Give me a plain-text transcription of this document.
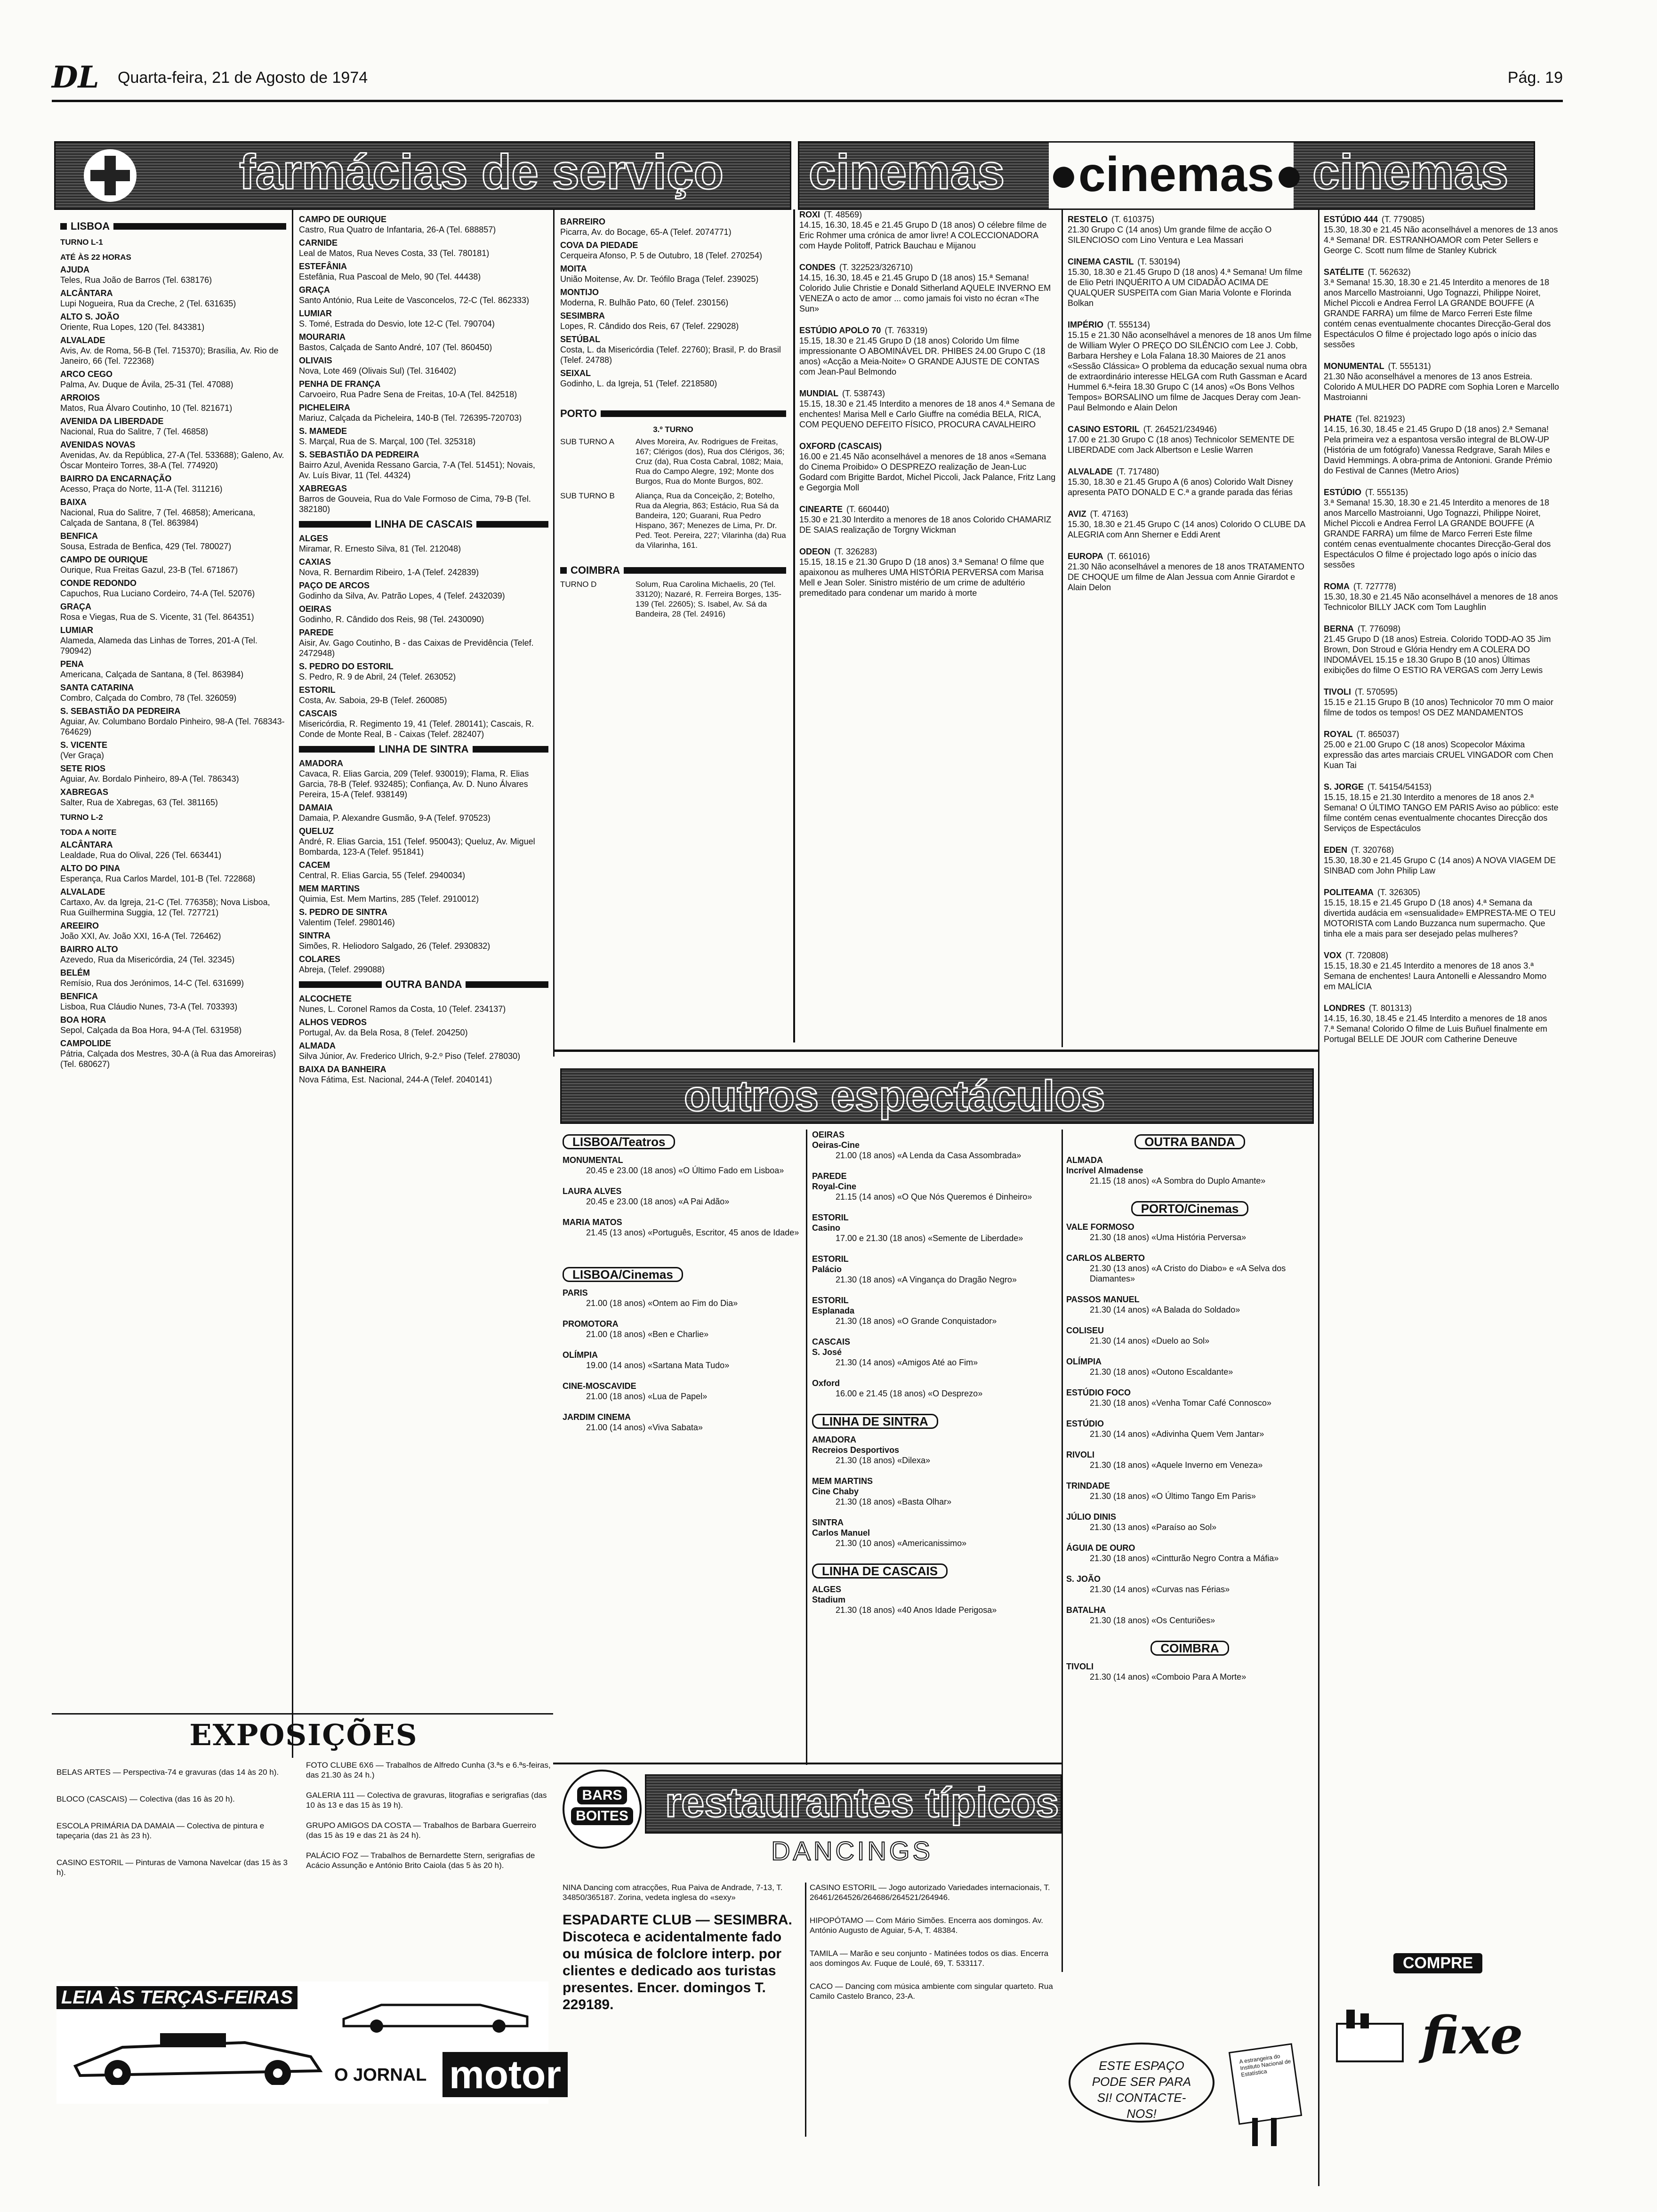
DL Quarta-feira, 21 de Agosto de 1974	Pág. 19
farmácias de serviço cinemas ●cinemas● cinemas
LISBOA
TURNO L-1
ATÉ ÀS 22 HORAS
AJUDA
Teles, Rua João de Barros (Tel. 638176)
ALCÂNTARA
Lupi Nogueira, Rua da Creche, 2 (Tel. 631635)
ALTO S. JOÃO
Oriente, Rua Lopes, 120 (Tel. 843381)
ALVALADE
Avis, Av. de Roma, 56-B (Tel. 715370); Brasília, Av. Rio de Janeiro, 66 (Tel. 722368)
ARCO CEGO
Palma, Av. Duque de Ávila, 25-31 (Tel. 47088)
ARROIOS
Matos, Rua Álvaro Coutinho, 10 (Tel. 821671)
AVENIDA DA LIBERDADE
Nacional, Rua do Salitre, 7 (Tel. 46858)
AVENIDAS NOVAS
Avenidas, Av. da República, 27-A (Tel. 533688); Galeno, Av. Óscar Monteiro Torres, 38-A (Tel. 774920)
BAIRRO DA ENCARNAÇÃO
Acesso, Praça do Norte, 11-A (Tel. 311216)
BAIXA
Nacional, Rua do Salitre, 7 (Tel. 46858); Americana, Calçada de Santana, 8 (Tel. 863984)
BENFICA
Sousa, Estrada de Benfica, 429 (Tel. 780027)
CAMPO DE OURIQUE
Ourique, Rua Freitas Gazul, 23-B (Tel. 671867)
CONDE REDONDO
Capuchos, Rua Luciano Cordeiro, 74-A (Tel. 52076)
GRAÇA
Rosa e Viegas, Rua de S. Vicente, 31 (Tel. 864351)
LUMIAR
Alameda, Alameda das Linhas de Torres, 201-A (Tel. 790942)
PENA
Americana, Calçada de Santana, 8 (Tel. 863984)
SANTA CATARINA
Combro, Calçada do Combro, 78 (Tel. 326059)
S. SEBASTIÃO DA PEDREIRA
Aguiar, Av. Columbano Bordalo Pinheiro, 98-A (Tel. 768343-764629)
S. VICENTE
(Ver Graça)
SETE RIOS
Aguiar, Av. Bordalo Pinheiro, 89-A (Tel. 786343)
XABREGAS
Salter, Rua de Xabregas, 63 (Tel. 381165)
TURNO L-2
TODA A NOITE
ALCÂNTARA
Lealdade, Rua do Olival, 226 (Tel. 663441)
ALTO DO PINA
Esperança, Rua Carlos Mardel, 101-B (Tel. 722868)
ALVALADE
Cartaxo, Av. da Igreja, 21-C (Tel. 776358); Nova Lisboa, Rua Guilhermina Suggia, 12 (Tel. 727721)
AREEIRO
João XXI, Av. João XXI, 16-A (Tel. 726462)
BAIRRO ALTO
Azevedo, Rua da Misericórdia, 24 (Tel. 32345)
BELÉM
Remísio, Rua dos Jerónimos, 14-C (Tel. 631699)
BENFICA
Lisboa, Rua Cláudio Nunes, 73-A (Tel. 703393)
BOA HORA
Sepol, Calçada da Boa Hora, 94-A (Tel. 631958)
CAMPOLIDE
Pátria, Calçada dos Mestres, 30-A (à Rua das Amoreiras) (Tel. 680627)
CAMPO DE OURIQUE
Castro, Rua Quatro de Infantaria, 26-A (Tel. 688857)
CARNIDE
Leal de Matos, Rua Neves Costa, 33 (Tel. 780181)
ESTEFÂNIA
Estefânia, Rua Pascoal de Melo, 90 (Tel. 44438)
GRAÇA
Santo António, Rua Leite de Vasconcelos, 72-C (Tel. 862333)
LUMIAR
S. Tomé, Estrada do Desvio, lote 12-C (Tel. 790704)
MOURARIA
Bastos, Calçada de Santo André, 107 (Tel. 860450)
OLIVAIS
Nova, Lote 469 (Olivais Sul) (Tel. 316402)
PENHA DE FRANÇA
Carvoeiro, Rua Padre Sena de Freitas, 10-A (Tel. 842518)
PICHELEIRA
Mariuz, Calçada da Picheleira, 140-B (Tel. 726395-720703)
S. MAMEDE
S. Marçal, Rua de S. Marçal, 100 (Tel. 325318)
S. SEBASTIÃO DA PEDREIRA
Bairro Azul, Avenida Ressano Garcia, 7-A (Tel. 51451); Novais, Av. Luís Bivar, 11 (Tel. 44324)
XABREGAS
Barros de Gouveia, Rua do Vale Formoso de Cima, 79-B (Tel. 382180)
LINHA DE CASCAIS
ALGES
Miramar, R. Ernesto Silva, 81 (Tel. 212048)
CAXIAS
Nova, R. Bernardim Ribeiro, 1-A (Telef. 242839)
PAÇO DE ARCOS
Godinho da Silva, Av. Patrão Lopes, 4 (Telef. 2432039)
OEIRAS
Godinho, R. Cândido dos Reis, 98 (Tel. 2430090)
PAREDE
Aisir, Av. Gago Coutinho, B - das Caixas de Previdência (Telef. 2472948)
S. PEDRO DO ESTORIL
S. Pedro, R. 9 de Abril, 24 (Telef. 263052)
ESTORIL
Costa, Av. Saboia, 29-B (Telef. 260085)
CASCAIS
Misericórdia, R. Regimento 19, 41 (Telef. 280141); Cascais, R. Conde de Monte Real, B - Caixas (Telef. 282407)
LINHA DE SINTRA
AMADORA
Cavaca, R. Elias Garcia, 209 (Telef. 930019); Flama, R. Elias Garcia, 78-B (Telef. 932485); Confiança, Av. D. Nuno Álvares Pereira, 15-A (Telef. 938149)
DAMAIA
Damaia, P. Alexandre Gusmão, 9-A (Telef. 970523)
QUELUZ
André, R. Elias Garcia, 151 (Telef. 950043); Queluz, Av. Miguel Bombarda, 123-A (Telef. 951841)
CACEM
Central, R. Elias Garcia, 55 (Telef. 2940034)
MEM MARTINS
Quimia, Est. Mem Martins, 285 (Telef. 2910012)
S. PEDRO DE SINTRA
Valentim (Telef. 2980146)
SINTRA
Simões, R. Heliodoro Salgado, 26 (Telef. 2930832)
COLARES
Abreja, (Telef. 299088)
OUTRA BANDA
ALCOCHETE
Nunes, L. Coronel Ramos da Costa, 10 (Telef. 234137)
ALHOS VEDROS
Portugal, Av. da Bela Rosa, 8 (Telef. 204250)
ALMADA
Silva Júnior, Av. Frederico Ulrich, 9-2.º Piso (Telef. 278030)
BAIXA DA BANHEIRA
Nova Fátima, Est. Nacional, 244-A (Telef. 2040141)
BARREIRO
Picarra, Av. do Bocage, 65-A (Telef. 2074771)
COVA DA PIEDADE
Cerqueira Afonso, P. 5 de Outubro, 18 (Telef. 270254)
MOITA
União Moitense, Av. Dr. Teófilo Braga (Telef. 239025)
MONTIJO
Moderna, R. Bulhão Pato, 60 (Telef. 230156)
SESIMBRA
Lopes, R. Cândido dos Reis, 67 (Telef. 229028)
SETÚBAL
Costa, L. da Misericórdia (Telef. 22760); Brasil, P. do Brasil (Telef. 24788)
SEIXAL
Godinho, L. da Igreja, 51 (Telef. 2218580)
PORTO
3.º TURNO
SUB TURNO A	Alves Moreira, Av. Rodrigues de Freitas, 167; Clérigos (dos), Rua dos Clérigos, 36; Cruz (da), Rua Costa Cabral, 1082; Maia, Rua do Campo Alegre, 192; Monte dos Burgos, Rua do Monte Burgos, 802.
SUB TURNO B	Aliança, Rua da Conceição, 2; Botelho, Rua da Alegria, 863; Estácio, Rua Sá da Bandeira, 120; Guarani, Rua Pedro Hispano, 367; Menezes de Lima, Pr. Dr. Ped. Teot. Pereira, 227; Vilarinha (da) Rua da Vilarinha, 161.
COIMBRA
TURNO D	Solum, Rua Carolina Michaelis, 20 (Tel. 33120); Nazaré, R. Ferreira Borges, 135-139 (Tel. 22605); S. Isabel, Av. Sá da Bandeira, 28 (Tel. 24916)
ROXI (T. 48569)
14.15, 16.30, 18.45 e 21.45 Grupo D (18 anos) O célebre filme de Eric Rohmer uma crónica de amor livre! A COLECCIONADORA com Hayde Politoff, Patrick Bauchau e Mijanou
CONDES (T. 322523/326710)
14.15, 16.30, 18.45 e 21.45 Grupo D (18 anos) 15.ª Semana! Colorido Julie Christie e Donald Sitherland AQUELE INVERNO EM VENEZA o acto de amor ... como jamais foi visto no écran «The Sun»
ESTÚDIO APOLO 70 (T. 763319)
15.15, 18.30 e 21.45 Grupo D (18 anos) Colorido Um filme impressionante O ABOMINÁVEL DR. PHIBES 24.00 Grupo C (18 anos) «Acção a Meia-Noite» O GRANDE AJUSTE DE CONTAS com Jean-Paul Belmondo
MUNDIAL (T. 538743)
15.15, 18.30 e 21.45 Interdito a menores de 18 anos 4.ª Semana de enchentes! Marisa Mell e Carlo Giuffre na comédia BELA, RICA, COM PEQUENO DEFEITO FÍSICO, PROCURA CAVALHEIRO
OXFORD (CASCAIS)
16.00 e 21.45 Não aconselhável a menores de 18 anos «Semana do Cinema Proibido» O DESPREZO realização de Jean-Luc Godard com Brigitte Bardot, Michel Piccoli, Jack Palance, Fritz Lang e Gegorgia Moll
CINEARTE (T. 660440)
15.30 e 21.30 Interdito a menores de 18 anos Colorido CHAMARIZ DE SAIAS realização de Torgny Wickman
ODEON (T. 326283)
15.15, 18.15 e 21.30 Grupo D (18 anos) 3.ª Semana! O filme que apaixonou as mulheres UMA HISTÓRIA PERVERSA com Marisa Mell e Jean Soler. Sinistro mistério de um crime de adultério premeditado para condenar um marido à morte
RESTELO (T. 610375)
21.30 Grupo C (14 anos) Um grande filme de acção O SILENCIOSO com Lino Ventura e Lea Massari
CINEMA CASTIL (T. 530194)
15.30, 18.30 e 21.45 Grupo D (18 anos) 4.ª Semana! Um filme de Elio Petri INQUÉRITO A UM CIDADÃO ACIMA DE QUALQUER SUSPEITA com Gian Maria Volonte e Florinda Bolkan
IMPÉRIO (T. 555134)
15.15 e 21.30 Não aconselhável a menores de 18 anos Um filme de William Wyler O PREÇO DO SILÊNCIO com Lee J. Cobb, Barbara Hershey e Lola Falana 18.30 Maiores de 21 anos «Sessão Clássica» O problema da educação sexual numa obra de extraordinário interesse HELGA com Ruth Gassman e Acard Hummel 6.ª-feira 18.30 Grupo C (14 anos) «Os Bons Velhos Tempos» BORSALINO um filme de Jacques Deray com Jean-Paul Belmondo e Alain Delon
CASINO ESTORIL (T. 264521/234946)
17.00 e 21.30 Grupo C (18 anos) Technicolor SEMENTE DE LIBERDADE com Jack Albertson e Leslie Warren
ALVALADE (T. 717480)
15.30, 18.30 e 21.45 Grupo A (6 anos) Colorido Walt Disney apresenta PATO DONALD E C.ª a grande parada das férias
AVIZ (T. 47163)
15.30, 18.30 e 21.45 Grupo C (14 anos) Colorido O CLUBE DA ALEGRIA com Ann Sherner e Eddi Arent
EUROPA (T. 661016)
21.30 Não aconselhável a menores de 18 anos TRATAMENTO DE CHOQUE um filme de Alan Jessua com Annie Girardot e Alain Delon
ESTÚDIO 444 (T. 779085)
15.30, 18.30 e 21.45 Não aconselhável a menores de 13 anos 4.ª Semana! DR. ESTRANHOAMOR com Peter Sellers e George C. Scott num filme de Stanley Kubrick
SATÉLITE (T. 562632)
3.ª Semana! 15.30, 18.30 e 21.45 Interdito a menores de 18 anos Marcello Mastroianni, Ugo Tognazzi, Philippe Noiret, Michel Piccoli e Andrea Ferrol LA GRANDE BOUFFE (A GRANDE FARRA) um filme de Marco Ferreri Este filme contém cenas eventualmente chocantes Direcção-Geral dos Espectáculos O filme é projectado logo após o início das sessões
MONUMENTAL (T. 555131)
21.30 Não aconselhável a menores de 13 anos Estreia. Colorido A MULHER DO PADRE com Sophia Loren e Marcello Mastroianni
PHATE (Tel. 821923)
14.15, 16.30, 18.45 e 21.45 Grupo D (18 anos) 2.ª Semana! Pela primeira vez a espantosa versão integral de BLOW-UP (História de um fotógrafo) Vanessa Redgrave, Sarah Miles e David Hemmings. A obra-prima de Antonioni. Grande Prémio do Festival de Cannes (Metro Arios)
ESTÚDIO (T. 555135)
3.ª Semana! 15.30, 18.30 e 21.45 Interdito a menores de 18 anos Marcello Mastroianni, Ugo Tognazzi, Philippe Noiret, Michel Piccoli e Andrea Ferrol LA GRANDE BOUFFE (A GRANDE FARRA) um filme de Marco Ferreri Este filme contém cenas eventualmente chocantes Direcção-Geral dos Espectáculos O filme é projectado logo após o início das sessões
ROMA (T. 727778)
15.30, 18.30 e 21.45 Não aconselhável a menores de 18 anos Technicolor BILLY JACK com Tom Laughlin
BERNA (T. 776098)
21.45 Grupo D (18 anos) Estreia. Colorido TODD-AO 35 Jim Brown, Don Stroud e Glória Hendry em A COLERA DO INDOMÁVEL 15.15 e 18.30 Grupo B (10 anos) Últimas exibições do filme O ESTIO RA VERGAS com Jerry Lewis
TIVOLI (T. 570595)
15.15 e 21.15 Grupo B (10 anos) Technicolor 70 mm O maior filme de todos os tempos! OS DEZ MANDAMENTOS
ROYAL (T. 865037)
25.00 e 21.00 Grupo C (18 anos) Scopecolor Máxima expressão das artes marciais CRUEL VINGADOR com Chen Kuan Tai
S. JORGE (T. 54154/54153)
15.15, 18.15 e 21.30 Interdito a menores de 18 anos 2.ª Semana! O ÚLTIMO TANGO EM PARIS Aviso ao público: este filme contém cenas eventualmente chocantes Direcção dos Serviços de Espectáculos
EDEN (T. 320768)
15.30, 18.30 e 21.45 Grupo C (14 anos) A NOVA VIAGEM DE SINBAD com John Philip Law
POLITEAMA (T. 326305)
15.15, 18.15 e 21.45 Grupo D (18 anos) 4.ª Semana da divertida audácia em «sensualidade» EMPRESTA-ME O TEU MOTORISTA com Lando Buzzanca num supermacho. Que tinha ele a mais para ser desejado pelas mulheres?
VOX (T. 720808)
15.15, 18.30 e 21.45 Interdito a menores de 18 anos 3.ª Semana de enchentes! Laura Antonelli e Alessandro Momo em MALÍCIA
LONDRES (T. 801313)
14.15, 16.30, 18.45 e 21.45 Interdito a menores de 18 anos 7.ª Semana! Colorido O filme de Luis Buñuel finalmente em Portugal BELLE DE JOUR com Catherine Deneuve
outros espectáculos
LISBOA/Teatros
MONUMENTAL
20.45 e 23.00 (18 anos) «O Último Fado em Lisboa»
LAURA ALVES
20.45 e 23.00 (18 anos) «A Pai Adão»
MARIA MATOS
21.45 (13 anos) «Português, Escritor, 45 anos de Idade»
LISBOA/Cinemas
PARIS
21.00 (18 anos) «Ontem ao Fim do Dia»
PROMOTORA
21.00 (18 anos) «Ben e Charlie»
OLÍMPIA
19.00 (14 anos) «Sartana Mata Tudo»
CINE-MOSCAVIDE
21.00 (18 anos) «Lua de Papel»
JARDIM CINEMA
21.00 (14 anos) «Viva Sabata»
OEIRAS
Oeiras-Cine
21.00 (18 anos) «A Lenda da Casa Assombrada»
PAREDE
Royal-Cine
21.15 (14 anos) «O Que Nós Queremos é Dinheiro»
ESTORIL
Casino
17.00 e 21.30 (18 anos) «Semente de Liberdade»
ESTORIL
Palácio
21.30 (18 anos) «A Vingança do Dragão Negro»
ESTORIL
Esplanada
21.30 (18 anos) «O Grande Conquistador»
CASCAIS
S. José
21.30 (14 anos) «Amigos Até ao Fim»
Oxford
16.00 e 21.45 (18 anos) «O Desprezo»
LINHA DE SINTRA
AMADORA
Recreios Desportivos
21.30 (18 anos) «Dilexa»
MEM MARTINS
Cine Chaby
21.30 (18 anos) «Basta Olhar»
SINTRA
Carlos Manuel
21.30 (10 anos) «Americanissimo»
LINHA DE CASCAIS
ALGES
Stadium
21.30 (18 anos) «40 Anos Idade Perigosa»
OUTRA BANDA
ALMADA
Incrível Almadense
21.15 (18 anos) «A Sombra do Duplo Amante»
PORTO/Cinemas
VALE FORMOSO
21.30 (18 anos) «Uma História Perversa»
CARLOS ALBERTO
21.30 (13 anos) «A Cristo do Diabo» e «A Selva dos Diamantes»
PASSOS MANUEL
21.30 (14 anos) «A Balada do Soldado»
COLISEU
21.30 (14 anos) «Duelo ao Sol»
OLÍMPIA
21.30 (18 anos) «Outono Escaldante»
ESTÚDIO FOCO
21.30 (18 anos) «Venha Tomar Café Connosco»
ESTÚDIO
21.30 (14 anos) «Adivinha Quem Vem Jantar»
RIVOLI
21.30 (18 anos) «Aquele Inverno em Veneza»
TRINDADE
21.30 (18 anos) «O Último Tango Em Paris»
JÚLIO DINIS
21.30 (13 anos) «Paraíso ao Sol»
ÁGUIA DE OURO
21.30 (18 anos) «Cintturão Negro Contra a Máfia»
S. JOÃO
21.30 (14 anos) «Curvas nas Férias»
BATALHA
21.30 (18 anos) «Os Centuriões»
COIMBRA
TIVOLI
21.30 (14 anos) «Comboio Para A Morte»
EXPOSIÇÕES
BELAS ARTES — Perspectiva-74 e gravuras (das 14 às 20 h).
BLOCO (CASCAIS) — Colectiva (das 16 às 20 h).
ESCOLA PRIMÁRIA DA DAMAIA — Colectiva de pintura e tapeçaria (das 21 às 23 h).
CASINO ESTORIL — Pinturas de Vamona Navelcar (das 15 às 3 h).
FOTO CLUBE 6X6 — Trabalhos de Alfredo Cunha (3.ªs e 6.ªs-feiras, das 21.30 às 24 h.)
GALERIA 111 — Colectiva de gravuras, litografias e serigrafias (das 10 às 13 e das 15 às 19 h).
GRUPO AMIGOS DA COSTA — Trabalhos de Barbara Guerreiro (das 15 às 19 e das 21 às 24 h).
PALÁCIO FOZ — Trabalhos de Bernardette Stern, serigrafias de Acácio Assunção e António Brito Caiola (das 5 às 20 h).
LEIA ÀS TERÇAS-FEIRAS
O JORNAL motor
BARS
BOITES restaurantes típicos
DANCINGS
NINA Dancing com atracções, Rua Paiva de Andrade, 7-13, T. 34850/365187. Zorina, vedeta inglesa do «sexy»
ESPADARTE CLUB — SESIMBRA. Discoteca e acidentalmente fado ou música de folclore interp. por clientes e dedicado aos turistas presentes. Encer. domingos T. 229189.
CASINO ESTORIL — Jogo autorizado Variedades internacionais, T. 26461/264526/264686/264521/264946.
HIPOPÓTAMO — Com Mário Simões. Encerra aos domingos. Av. António Augusto de Aguiar, 5-A, T. 48384.
TAMILA — Marão e seu conjunto - Matinées todos os dias. Encerra aos domingos Av. Fuque de Loulé, 69, T. 533117.
CACO — Dancing com música ambiente com singular quarteto. Rua Camilo Castelo Branco, 23-A.
ESTE ESPAÇO PODE SER PARA SI! CONTACTE-NOS!
A estrangeira do Instituto Nacional de Estatística
COMPRE
fixe
